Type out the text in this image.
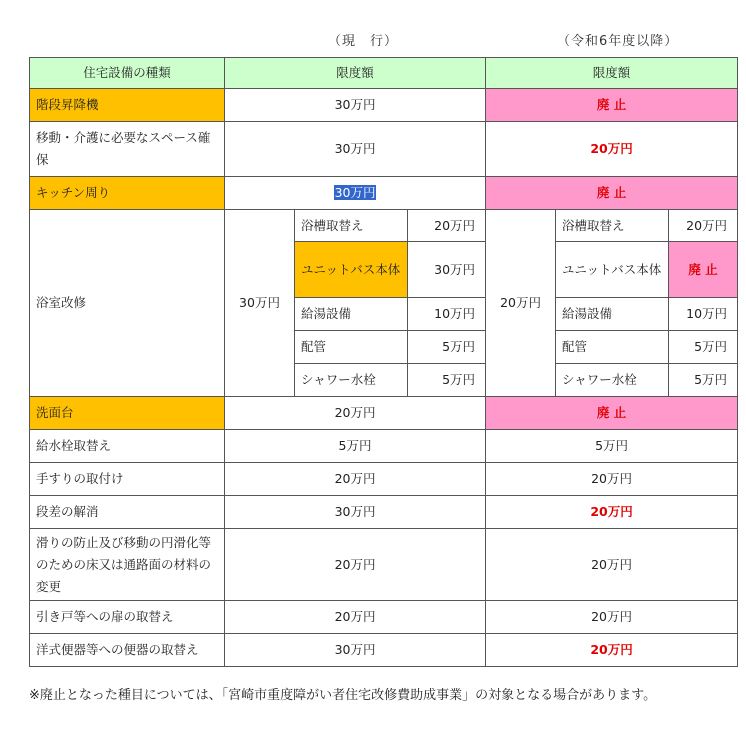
（現　行）	（令和6年度以降）
住宅設備の種類	限度額			限度額		
階段昇降機	30万円			廃 止		
移動・介護に必要なスペース確保	30万円			20万円		
キッチン周り	30万円			廃 止		
浴室改修	30万円	浴槽取替え	20万円	20万円	浴槽取替え	20万円
		ユニットバス本体	30万円		ユニットバス本体	廃 止
		給湯設備	10万円		給湯設備	10万円
		配管	5万円		配管	5万円
		シャワー水栓	5万円		シャワー水栓	5万円
洗面台	20万円			廃 止		
給水栓取替え	5万円			5万円		
手すりの取付け	20万円			20万円		
段差の解消	30万円			20万円		
滑りの防止及び移動の円滑化等のための床又は通路面の材料の変更	20万円			20万円		
引き戸等への扉の取替え	20万円			20万円		
洋式便器等への便器の取替え	30万円			20万円		
※廃止となった種目については、「宮崎市重度障がい者住宅改修費助成事業」の対象となる場合があります。
